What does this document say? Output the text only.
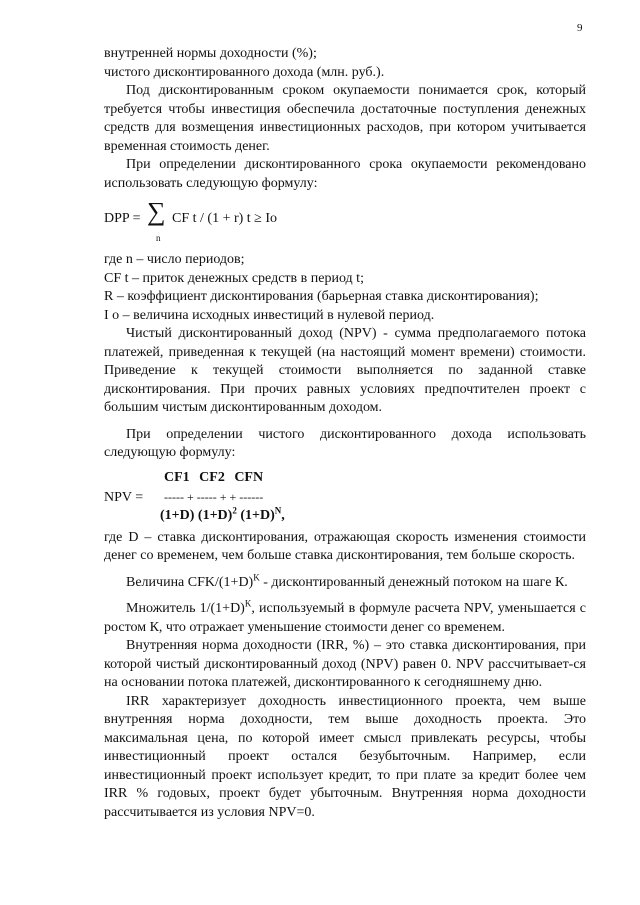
9

внутренней нормы доходности (%);

чистого дисконтированного дохода (млн. руб.).

Под дисконтированным сроком окупаемости понимается срок, который требуется чтобы инвестиция обеспечила достаточные поступления денежных средств для возмещения инвестиционных расходов, при котором учитывается временная стоимость денег.

При определении дисконтированного срока окупаемости рекомендовано использовать следующую формулу:

DPP = ∑
n
CF t / (1 + r) t ≥ Io

где n – число периодов;

CF t – приток денежных средств в период t;

R – коэффициент дисконтирования (барьерная ставка дисконтирования);

I o – величина исходных инвестиций в нулевой период.

Чистый дисконтированный доход (NPV) - сумма предполагаемого потока платежей, приведенная к текущей (на настоящий момент времени) стоимости. Приведение к текущей стоимости выполняется по заданной ставке дисконтирования. При прочих равных условиях предпочтителен проект с большим чистым дисконтированным доходом.

При определении чистого дисконтированного дохода использовать следующую формулу:

CF1 CF2 CFN
NPV = ----- + ----- + + ------
(1+D) $(1+D)^2$ $(1+D)^N$,

где D – ставка дисконтирования, отражающая скорость изменения стоимости денег со временем, чем больше ставка дисконтирования, тем больше скорость.

Величина CFK/$(1+D)^K$ - дисконтированный денежный потоком на шаге К.

Множитель $1/(1+D)^K$, используемый в формуле расчета NPV, уменьшается с ростом К, что отражает уменьшение стоимости денег со временем.

Внутренняя норма доходности (IRR, %) – это ставка дисконтирования, при которой чистый дисконтированный доход (NPV) равен 0. NPV рассчитывает-ся на основании потока платежей, дисконтированного к сегодняшнему дню.

IRR характеризует доходность инвестиционного проекта, чем выше внутренняя норма доходности, тем выше доходность проекта. Это максимальная цена, по которой имеет смысл привлекать ресурсы, чтобы инвестиционный проект остался безубыточным. Например, если инвестиционный проект использует кредит, то при плате за кредит более чем IRR % годовых, проект будет убыточным. Внутренняя норма доходности рассчитывается из условия NPV=0.
